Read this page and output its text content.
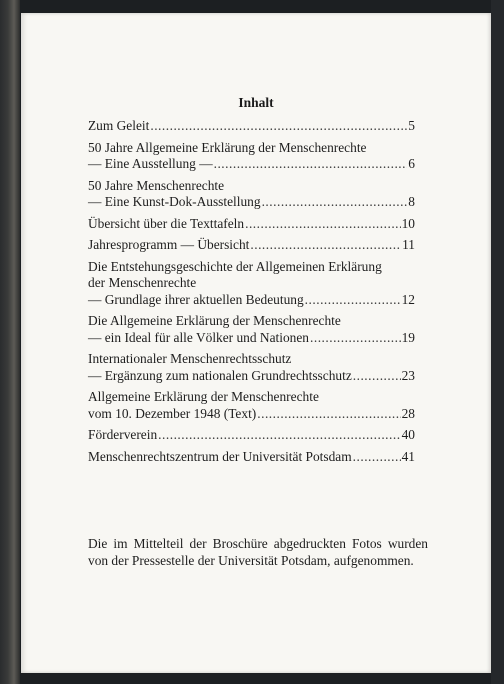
Inhalt
Zum Geleit .....	5
50 Jahre Allgemeine Erklärung der Menschenrechte
— Eine Ausstellung — .....	6
50 Jahre Menschenrechte
— Eine Kunst-Dok-Ausstellung .....	8
Übersicht über die Texttafeln .....	10
Jahresprogramm — Übersicht .....	11
Die Entstehungsgeschichte der Allgemeinen Erklärung
der Menschenrechte
— Grundlage ihrer aktuellen Bedeutung .....	12
Die Allgemeine Erklärung der Menschenrechte
— ein Ideal für alle Völker und Nationen .....	19
Internationaler Menschenrechtsschutz
— Ergänzung zum nationalen Grundrechtsschutz .....	23
Allgemeine Erklärung der Menschenrechte
vom 10. Dezember 1948 (Text) .....	28
Förderverein .....	40
Menschenrechtszentrum der Universität Potsdam .....	41
Die im Mittelteil der Broschüre abgedruckten Fotos wurden von der Pressestelle der Universität Potsdam, aufgenommen.
